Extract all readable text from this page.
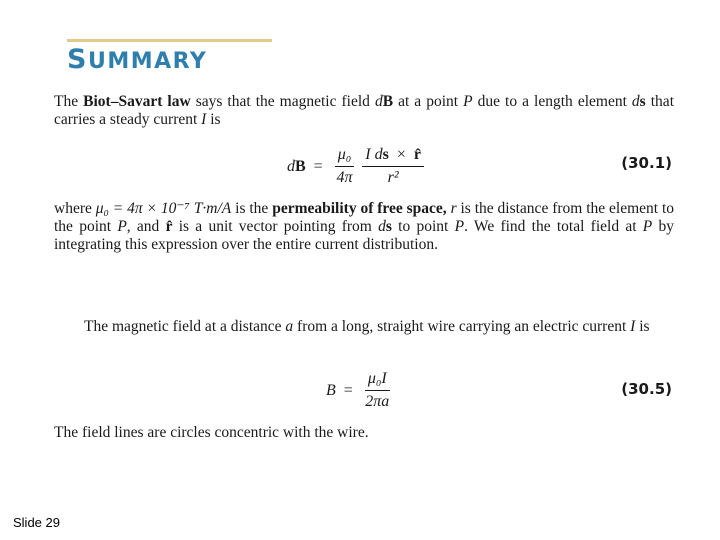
SUMMARY

The Biot–Savart law says that the magnetic field dB at a point P due to a length element ds that carries a steady current I is

d $B = \frac{\text{μ₀}}{4\pi} \frac{\text{I ds × r̂}}{\text{r²}}$	(30.1)

where μ₀ = 4π × 10⁻⁷ T·m/A is the permeability of free space, r is the distance from the element to the point P, and r̂ is a unit vector pointing from ds to point P. We find the total field at P by integrating this expression over the entire current distribution.

The magnetic field at a distance a from a long, straight wire carrying an electric current I is

$B = \frac{\text{μ₀I}}{2\pi a}$	(30.5)

The field lines are circles concentric with the wire.

Slide 29
